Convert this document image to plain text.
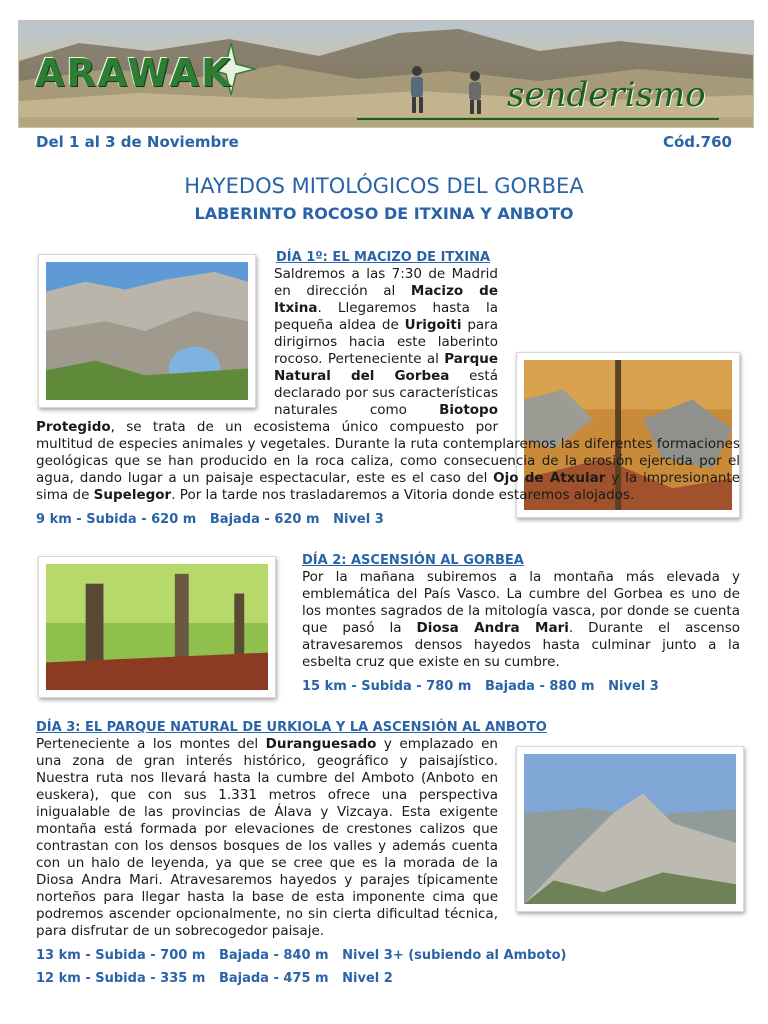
ARAWAK	senderismo
Del 1 al 3 de Noviembre	Cód.760
HAYEDOS MITOLÓGICOS DEL GORBEA
LABERINTO ROCOSO DE ITXINA Y ANBOTO
DÍA 1º: EL MACIZO DE ITXINA
Saldremos a las 7:30 de Madrid en dirección al Macizo de Itxina. Llegaremos hasta la pequeña aldea de Urigoiti para dirigirnos hacia este laberinto rocoso. Perteneciente al Parque Natural del Gorbea está declarado por sus características naturales como Biotopo Protegido, se trata de un ecosistema único compuesto por multitud de especies animales y vegetales. Durante la ruta contemplaremos las diferentes formaciones geológicas que se han producido en la roca caliza, como consecuencia de la erosión ejercida por el agua, dando lugar a un paisaje espectacular, este es el caso del Ojo de Atxular y la impresionante sima de Supelegor. Por la tarde nos trasladaremos a Vitoria donde estaremos alojados.
9 km - Subida - 620 m   Bajada - 620 m   Nivel 3
DÍA 2: ASCENSIÓN AL GORBEA
Por la mañana subiremos a la montaña más elevada y emblemática del País Vasco. La cumbre del Gorbea es uno de los montes sagrados de la mitología vasca, por donde se cuenta que pasó la Diosa Andra Mari. Durante el ascenso atravesaremos densos hayedos hasta culminar junto a la esbelta cruz que existe en su cumbre.
15 km - Subida - 780 m   Bajada - 880 m   Nivel 3
DÍA 3: EL PARQUE NATURAL DE URKIOLA Y LA ASCENSIÓN AL ANBOTO
Perteneciente a los montes del Duranguesado y emplazado en una zona de gran interés histórico, geográfico y paisajístico. Nuestra ruta nos llevará hasta la cumbre del Amboto (Anboto en euskera), que con sus 1.331 metros ofrece una perspectiva inigualable de las provincias de Álava y Vizcaya. Esta exigente montaña está formada por elevaciones de crestones calizos que contrastan con los densos bosques de los valles y además cuenta con un halo de leyenda, ya que se cree que es la morada de la Diosa Andra Mari. Atravesaremos hayedos y parajes típicamente norteños para llegar hasta la base de esta imponente cima que podremos ascender opcionalmente, no sin cierta dificultad técnica, para disfrutar de un sobrecogedor paisaje.
13 km - Subida - 700 m   Bajada - 840 m   Nivel 3+ (subiendo al Amboto)
12 km - Subida - 335 m   Bajada - 475 m   Nivel 2
